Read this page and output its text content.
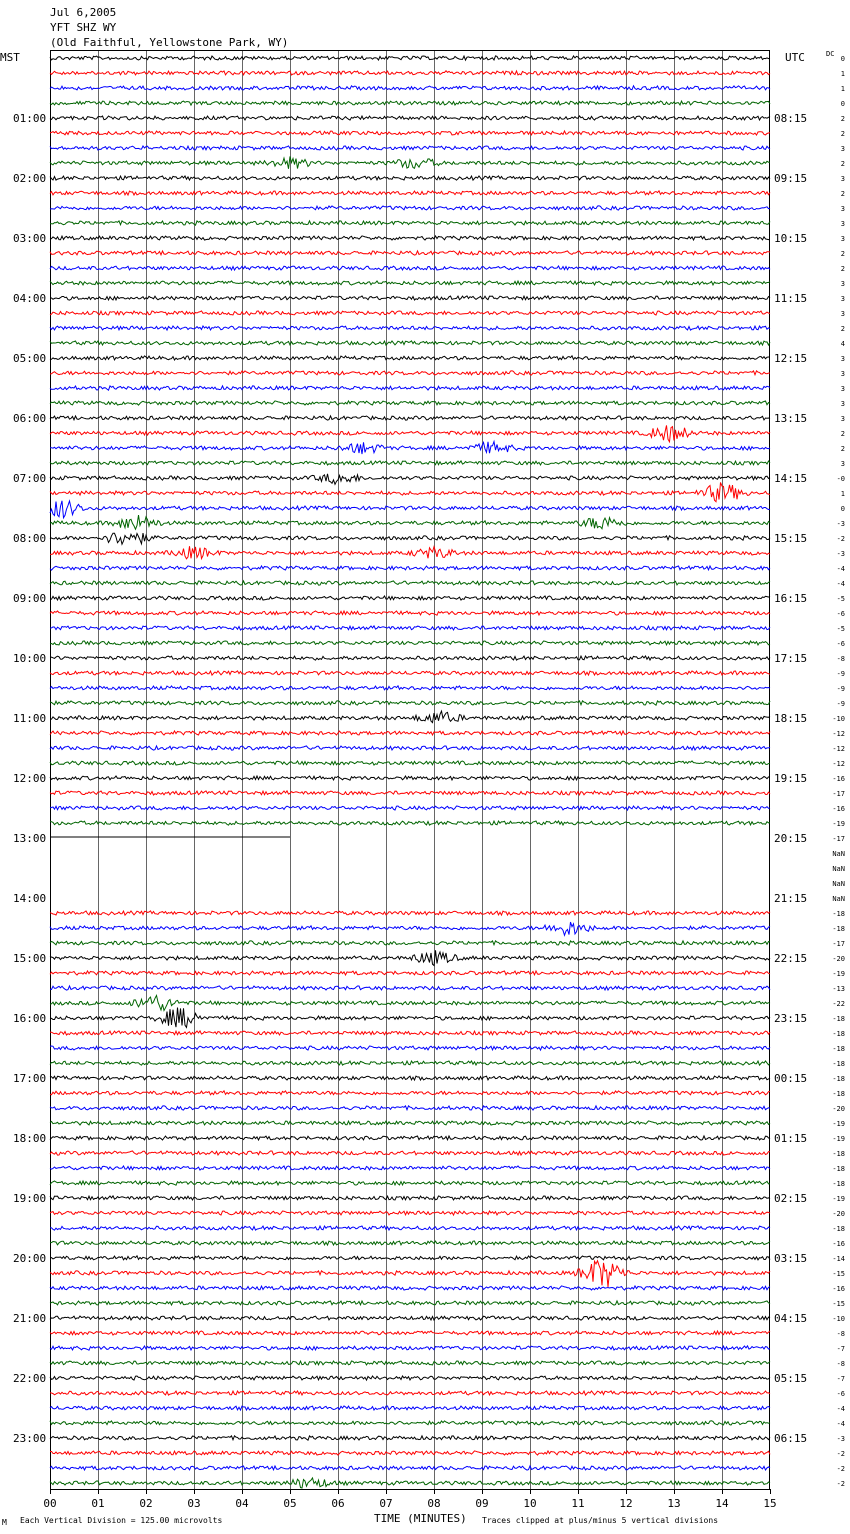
Jul 6,2005
YFT SHZ WY
(Old Faithful, Yellowstone Park, WY)
MST	UTC	DC
01:00
02:00
03:00
04:00
05:00
06:00
07:00
08:00
09:00
10:00
11:00
12:00
13:00
14:00
15:00
16:00
17:00
18:00
19:00
20:00
21:00
22:00
23:00
08:15
09:15
10:15
11:15
12:15
13:15
14:15
15:15
16:15
17:15
18:15
19:15
20:15
21:15
22:15
23:15
00:15
01:15
02:15
03:15
04:15
05:15
06:15
0
1
1
0
2
2
3
2
3
2
3
3
3
2
2
3
3
3
2
4
3
3
3
3
3
2
2
3
-0
1
0
-3
-2
-3
-4
-4
-5
-6
-5
-6
-8
-9
-9
-9
-10
-12
-12
-12
-16
-17
-16
-19
-17
NaN
NaN
NaN
NaN
-18
-18
-17
-20
-19
-13
-22
-18
-18
-18
-18
-18
-18
-20
-19
-19
-18
-18
-18
-19
-20
-18
-16
-14
-15
-16
-15
-10
-8
-7
-8
-7
-6
-4
-4
-3
-2
-2
-2
00	01	02	03	04	05	06	07	08	09	10	11	12	13	14	15
TIME (MINUTES)
M Each Vertical Division = 125.00 microvolts	Traces clipped at plus/minus 5 vertical divisions
